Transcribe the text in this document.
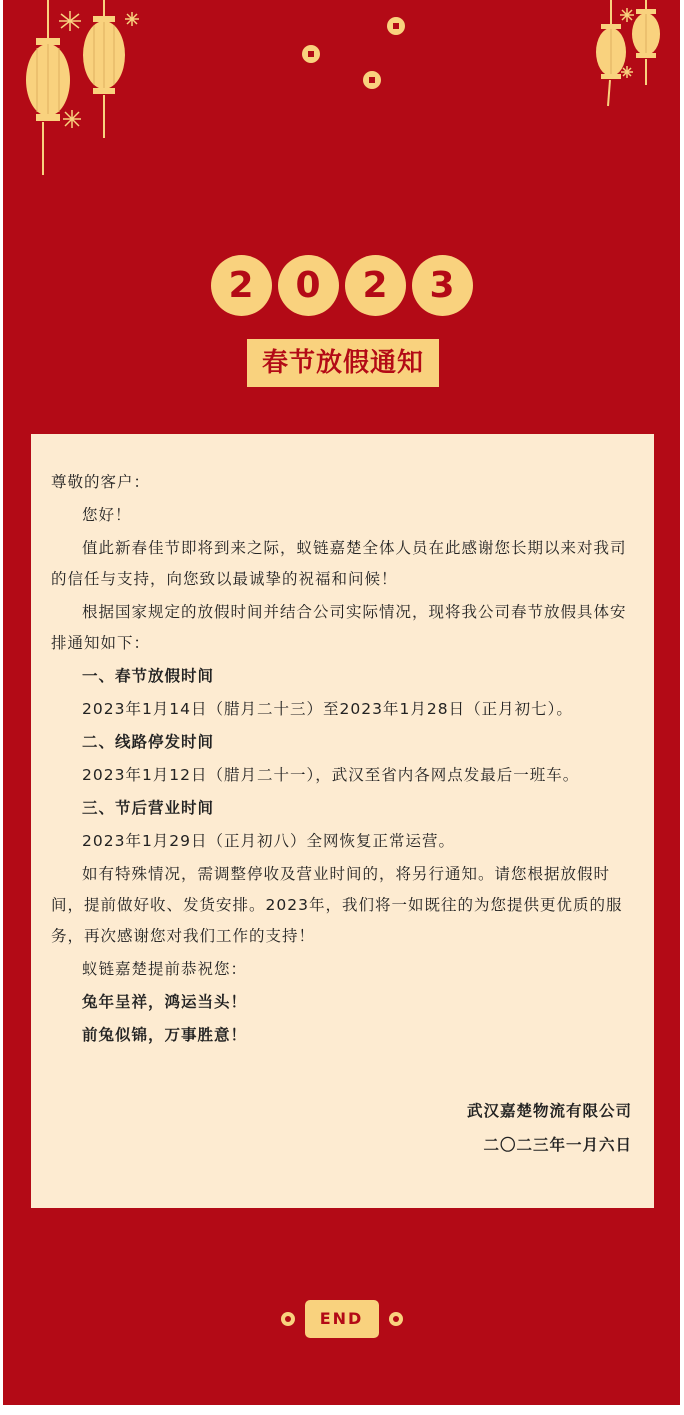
2	0	2	3
春节放假通知

尊敬的客户：

您好！

值此新春佳节即将到来之际，蚁链嘉楚全体人员在此感谢您长期以来对我司的信任与支持，向您致以最诚挚的祝福和问候！

根据国家规定的放假时间并结合公司实际情况，现将我公司春节放假具体安排通知如下：

一、春节放假时间

2023年1月14日（腊月二十三）至2023年1月28日（正月初七）。

二、线路停发时间

2023年1月12日（腊月二十一），武汉至省内各网点发最后一班车。

三、节后营业时间

2023年1月29日（正月初八）全网恢复正常运营。

如有特殊情况，需调整停收及营业时间的，将另行通知。请您根据放假时间，提前做好收、发货安排。2023年，我们将一如既往的为您提供更优质的服务，再次感谢您对我们工作的支持！

蚁链嘉楚提前恭祝您：

兔年呈祥，鸿运当头！

前兔似锦，万事胜意！

武汉嘉楚物流有限公司

二〇二三年一月六日

END
